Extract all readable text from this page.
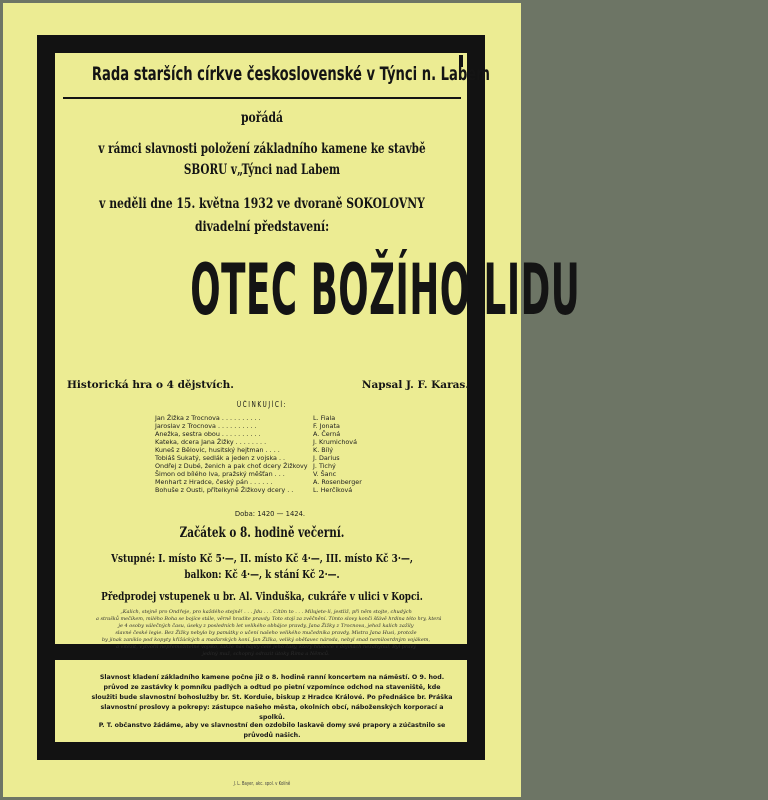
Rada starších církve československé v Týnci n. Labem
pořádá
v rámci slavnosti položení základního kamene ke stavbě
SBORU v„Týnci nad Labem
v neděli dne 15. května 1932 ve dvoraně SOKOLOVNY
divadelní představení:
OTEC BOŽÍHO LIDU
Historická hra o 4 dějstvích.	Napsal J. F. Karas.
ÚČINKUJÍCÍ:
Jan Žižka z Trocnova . . . . . . . . . .	L. Fiala
Jaroslav z Trocnova . . . . . . . . . .	F. Jonata
Anežka, sestra obou . . . . . . . . . .	A. Černá
Kateka, dcera Jana Žižky . . . . . . . .	J. Krumichová
Kuneš z Bělovic, husitský hejtman . . . .	K. Bílý
Tobiáš Sukatý, sedlák a jeden z vojska . .	J. Darius
Ondřej z Dubé, ženich a pak choť dcery Žižkovy J. Tichý
Šimon od bílého lva, pražský měšťan . . .	V. Šanc
Menhart z Hradce, český pán . . . . . .	A. Rosenberger
Bohuše z Ousti, přítelkyně Žižkovy dcery . .	L. Herčíková
Doba: 1420 — 1424.
Začátek o 8. hodině večerní.
Vstupné: I. místo Kč 5·—, II. místo Kč 4·—, III. místo Kč 3·—,
balkon: Kč 4·—, k stání Kč 2·—.
Předprodej vstupenek u br. Al. Vinduška, cukráře v ulici v Kopci.
„Kalich, stejně pro Ondřeje, pro každého stejně! . . . Jdu . . . Cítím to . . . Milujete-li, jestliž, při něm stojte, chudých
a strašků mečíkem, milého Boha se bojíce stále, věrně hradíte pravdy. Toto stojí za zvěčnění. Tímto slovy konči šťávě hrdina této hry, která
je 4 osoby válečných času, úseky z posledních let velikého obhájce pravdy, Jana Žižky z Trocnova, jehož kalich zažily
slavné české legie. Bez Žižky nebylo by památky o učení našeho velikého mučedníka pravdy, Mistra Jana Husi, protože
by jinak zaniklo pod kopyty křižáckých a maďarských koní. Jan Žižka, veliký oběťavec národa, nebyl snad nemilosrdným vojákem,
a vítězit, vytvořil nepřemožitelné vojsko, takže nás hájily celé jeho časy, který hluboce v dějinách nezahynul. Byl pravý
jediný muž, schopný odrazit útoky Říma a Němců.
Slavnost kladení základního kamene počne již o 8. hodině ranní koncertem na náměstí. O 9. hod. průvod ze zastávky k pomníku padlých a odtud po pietní vzpomínce odchod na staveniště, kde sloužiti bude slavnostní bohoslužby br. St. Korduie, biskup z Hradce Králové. Po přednášce br. Práška slavnostní proslovy a pokrepy: zástupce našeho města, okolních obcí, náboženských korporací a spolků.
P. T. občanstvo žádáme, aby ve slavnostní den ozdobilo laskavě domy své prapory a zúčastnilo se průvodů našich.
J. L. Bayer, akc. spol. v Kolíně
